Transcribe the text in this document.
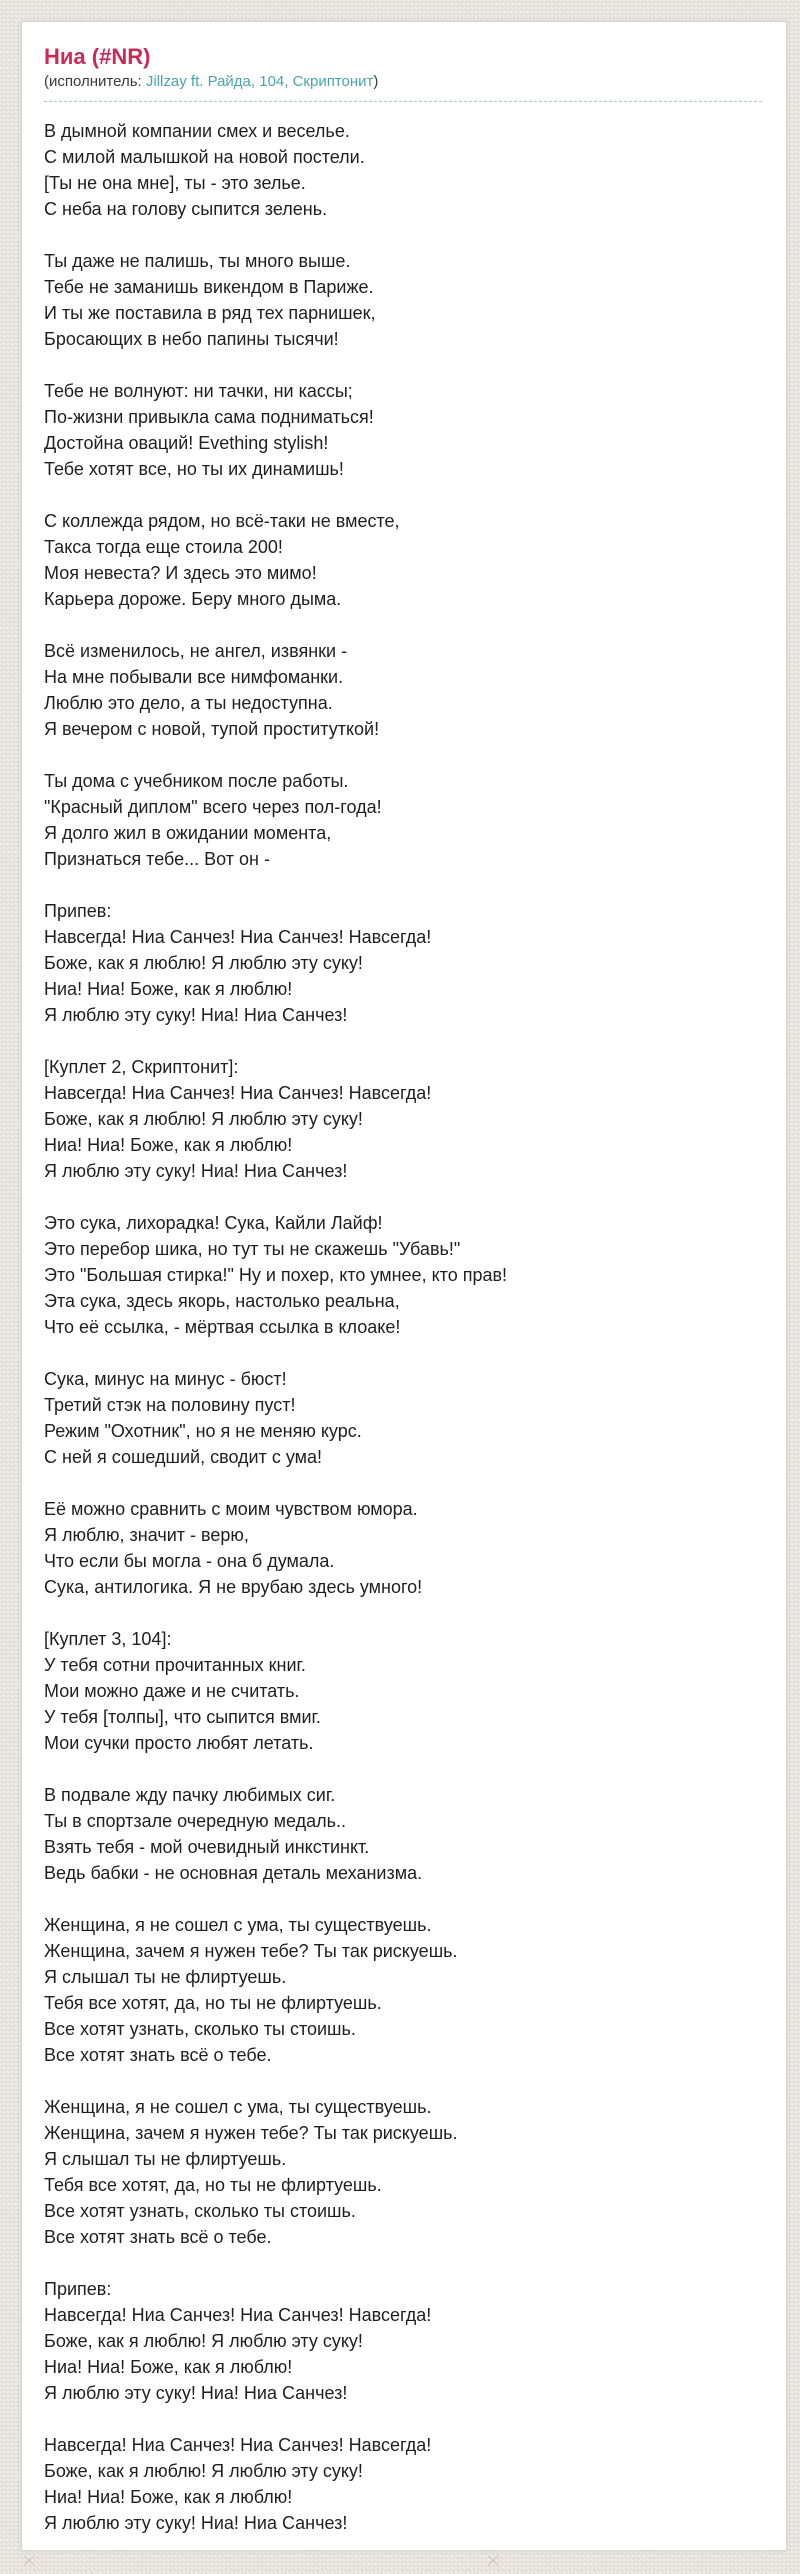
Ниа (#NR)
(исполнитель: Jillzay ft. Райда, 104, Скриптонит)

В дымной компании смех и веселье.
С милой малышкой на новой постели.
[Ты не она мне], ты - это зелье.
С неба на голову сыпится зелень.

Ты даже не палишь, ты много выше.
Тебе не заманишь викендом в Париже.
И ты же поставила в ряд тех парнишек,
Бросающих в небо папины тысячи!

Тебе не волнуют: ни тачки, ни кассы;
По-жизни привыкла сама подниматься!
Достойна оваций! Evething stylish!
Тебе хотят все, но ты их динамишь!

С коллежда рядом, но всё-таки не вместе,
Такса тогда еще стоила 200!
Моя невеста? И здесь это мимо!
Карьера дороже. Беру много дыма.

Всё изменилось, не ангел, извянки -
На мне побывали все нимфоманки.
Люблю это дело, а ты недоступна.
Я вечером с новой, тупой проституткой!

Ты дома с учебником после работы.
"Красный диплом" всего через пол-года!
Я долго жил в ожидании момента,
Признаться тебе... Вот он -

Припев:
Навсегда! Ниа Санчез! Ниа Санчез! Навсегда!
Боже, как я люблю! Я люблю эту суку!
Ниа! Ниа! Боже, как я люблю!
Я люблю эту суку! Ниа! Ниа Санчез!

[Куплет 2, Скриптонит]:
Навсегда! Ниа Санчез! Ниа Санчез! Навсегда!
Боже, как я люблю! Я люблю эту суку!
Ниа! Ниа! Боже, как я люблю!
Я люблю эту суку! Ниа! Ниа Санчез!

Это сука, лихорадка! Сука, Кайли Лайф!
Это перебор шика, но тут ты не скажешь "Убавь!"
Это "Большая стирка!" Ну и похер, кто умнее, кто прав!
Эта сука, здесь якорь, настолько реальна,
Что её ссылка, - мёртвая ссылка в клоаке!

Сука, минус на минус - бюст!
Третий стэк на половину пуст!
Режим "Охотник", но я не меняю курс.
С ней я сошедший, сводит с ума!

Её можно сравнить с моим чувством юмора.
Я люблю, значит - верю,
Что если бы могла - она б думала.
Сука, антилогика. Я не врубаю здесь умного!

[Куплет 3, 104]:
У тебя сотни прочитанных книг.
Мои можно даже и не считать.
У тебя [толпы], что сыпится вмиг.
Мои сучки просто любят летать.

В подвале жду пачку любимых сиг.
Ты в спортзале очередную медаль..
Взять тебя - мой очевидный инкстинкт.
Ведь бабки - не основная деталь механизма.

Женщина, я не сошел с ума, ты существуешь.
Женщина, зачем я нужен тебе? Ты так рискуешь.
Я слышал ты не флиртуешь.
Тебя все хотят, да, но ты не флиртуешь.
Все хотят узнать, сколько ты стоишь.
Все хотят знать всё о тебе.

Женщина, я не сошел с ума, ты существуешь.
Женщина, зачем я нужен тебе? Ты так рискуешь.
Я слышал ты не флиртуешь.
Тебя все хотят, да, но ты не флиртуешь.
Все хотят узнать, сколько ты стоишь.
Все хотят знать всё о тебе.

Припев:
Навсегда! Ниа Санчез! Ниа Санчез! Навсегда!
Боже, как я люблю! Я люблю эту суку!
Ниа! Ниа! Боже, как я люблю!
Я люблю эту суку! Ниа! Ниа Санчез!

Навсегда! Ниа Санчез! Ниа Санчез! Навсегда!
Боже, как я люблю! Я люблю эту суку!
Ниа! Ниа! Боже, как я люблю!
Я люблю эту суку! Ниа! Ниа Санчез!
